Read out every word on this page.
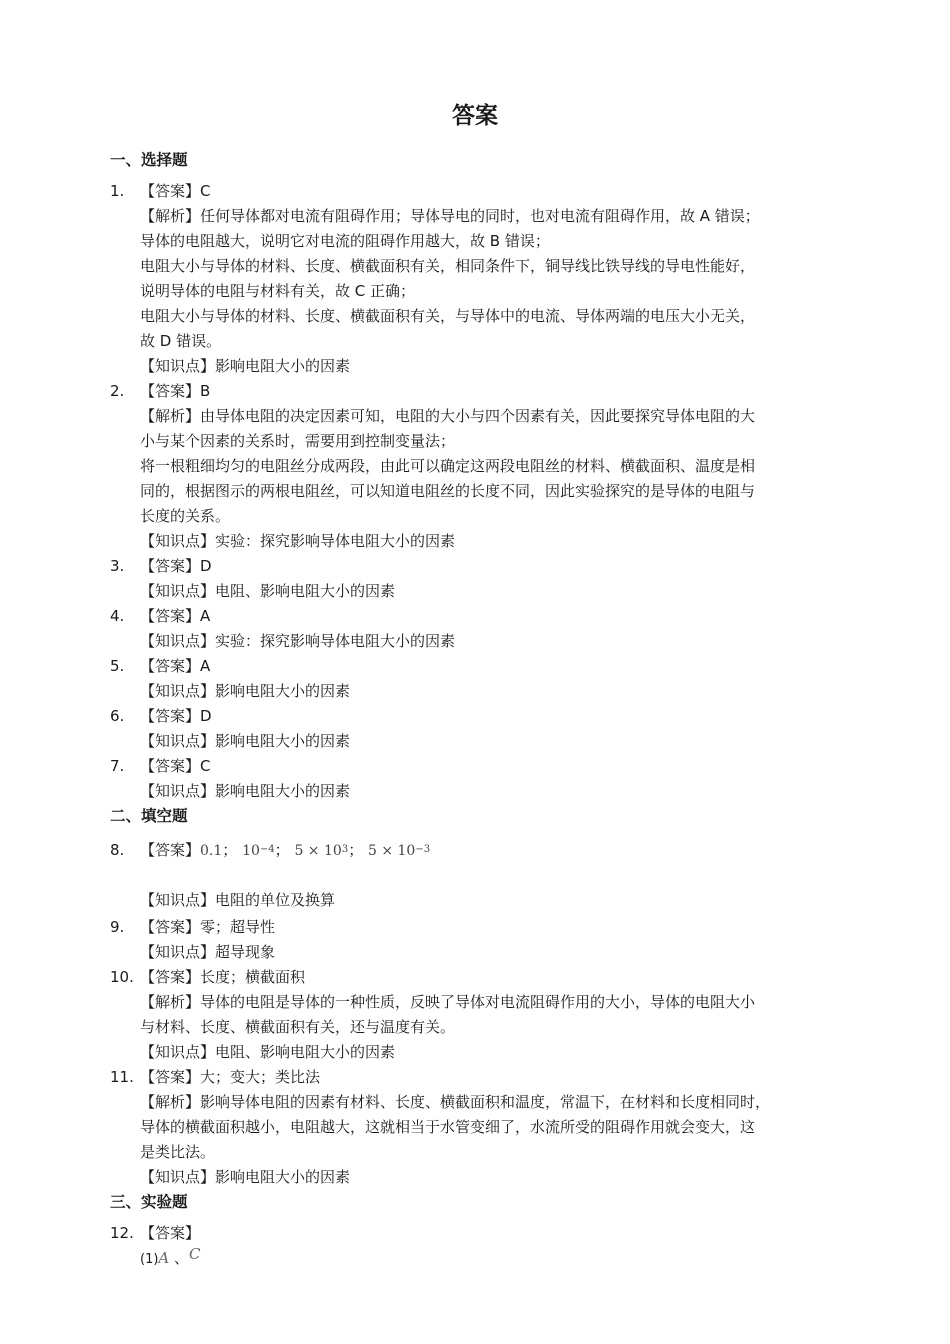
答案
一、选择题
1. 【答案】C
【解析】任何导体都对电流有阻碍作用；导体导电的同时，也对电流有阻碍作用，故 A 错误；
导体的电阻越大，说明它对电流的阻碍作用越大，故 B 错误；
电阻大小与导体的材料、长度、横截面积有关，相同条件下，铜导线比铁导线的导电性能好，
说明导体的电阻与材料有关，故 C 正确；
电阻大小与导体的材料、长度、横截面积有关，与导体中的电流、导体两端的电压大小无关，
故 D 错误。
【知识点】影响电阻大小的因素
2. 【答案】B
【解析】由导体电阻的决定因素可知，电阻的大小与四个因素有关，因此要探究导体电阻的大
小与某个因素的关系时，需要用到控制变量法；
将一根粗细均匀的电阻丝分成两段，由此可以确定这两段电阻丝的材料、横截面积、温度是相
同的，根据图示的两根电阻丝，可以知道电阻丝的长度不同，因此实验探究的是导体的电阻与
长度的关系。
【知识点】实验：探究影响导体电阻大小的因素
3. 【答案】D
【知识点】电阻、影响电阻大小的因素
4. 【答案】A
【知识点】实验：探究影响导体电阻大小的因素
5. 【答案】A
【知识点】影响电阻大小的因素
6. 【答案】D
【知识点】影响电阻大小的因素
7. 【答案】C
【知识点】影响电阻大小的因素
二、填空题
8. 【答案】0.1； $10^{-4}$； $5 \times 10^3$； $5 \times 10^{-3}$
【知识点】电阻的单位及换算
9. 【答案】零；超导性
【知识点】超导现象
10. 【答案】长度；横截面积
【解析】导体的电阻是导体的一种性质，反映了导体对电流阻碍作用的大小，导体的电阻大小
与材料、长度、横截面积有关，还与温度有关。
【知识点】电阻、影响电阻大小的因素
11. 【答案】大；变大；类比法
【解析】影响导体电阻的因素有材料、长度、横截面积和温度，常温下，在材料和长度相同时，
导体的横截面积越小，电阻越大，这就相当于水管变细了，水流所受的阻碍作用就会变大，这
是类比法。
【知识点】影响电阻大小的因素
三、实验题
12. 【答案】
(1)A 、C
